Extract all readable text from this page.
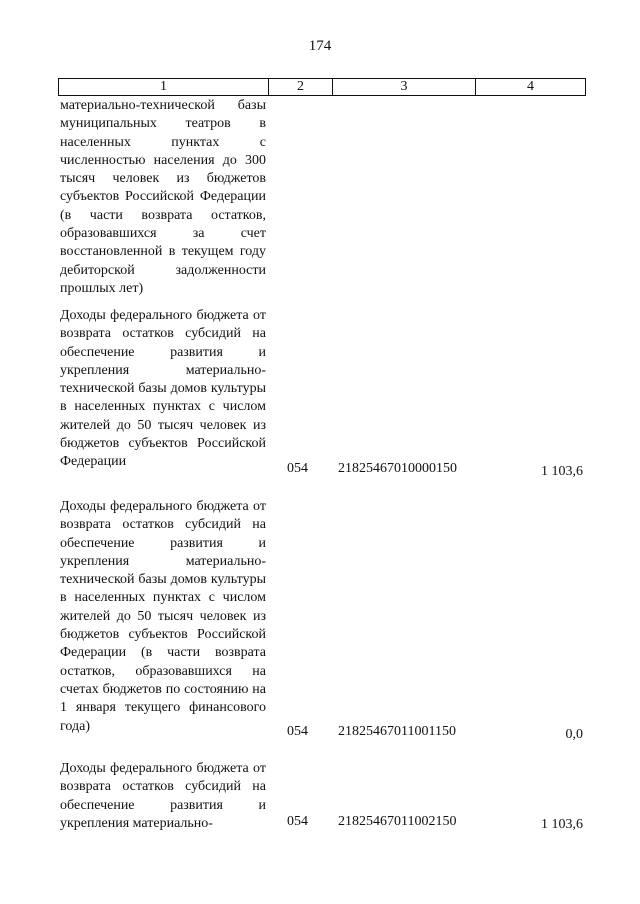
174
1	2	3	4
материально-технической базы муниципальных театров в населенных пунктах с численностью населения до 300 тысяч человек из бюджетов субъектов Российской Федерации (в части возврата остатков, образовавшихся за счет восстановленной в текущем году дебиторской задолженности прошлых лет)
Доходы федерального бюджета от возврата остатков субсидий на обеспечение развития и укрепления материально-технической базы домов культуры в населенных пунктах с числом жителей до 50 тысяч человек из бюджетов субъектов Российской Федерации	054 21825467010000150	1 103,6
Доходы федерального бюджета от возврата остатков субсидий на обеспечение развития и укрепления материально-технической базы домов культуры в населенных пунктах с числом жителей до 50 тысяч человек из бюджетов субъектов Российской Федерации (в части возврата остатков, образовавшихся на счетах бюджетов по состоянию на 1 января текущего финансового года)	054 21825467011001150	0,0
Доходы федерального бюджета от возврата остатков субсидий на обеспечение развития и укрепления материально-	054 21825467011002150	1 103,6
